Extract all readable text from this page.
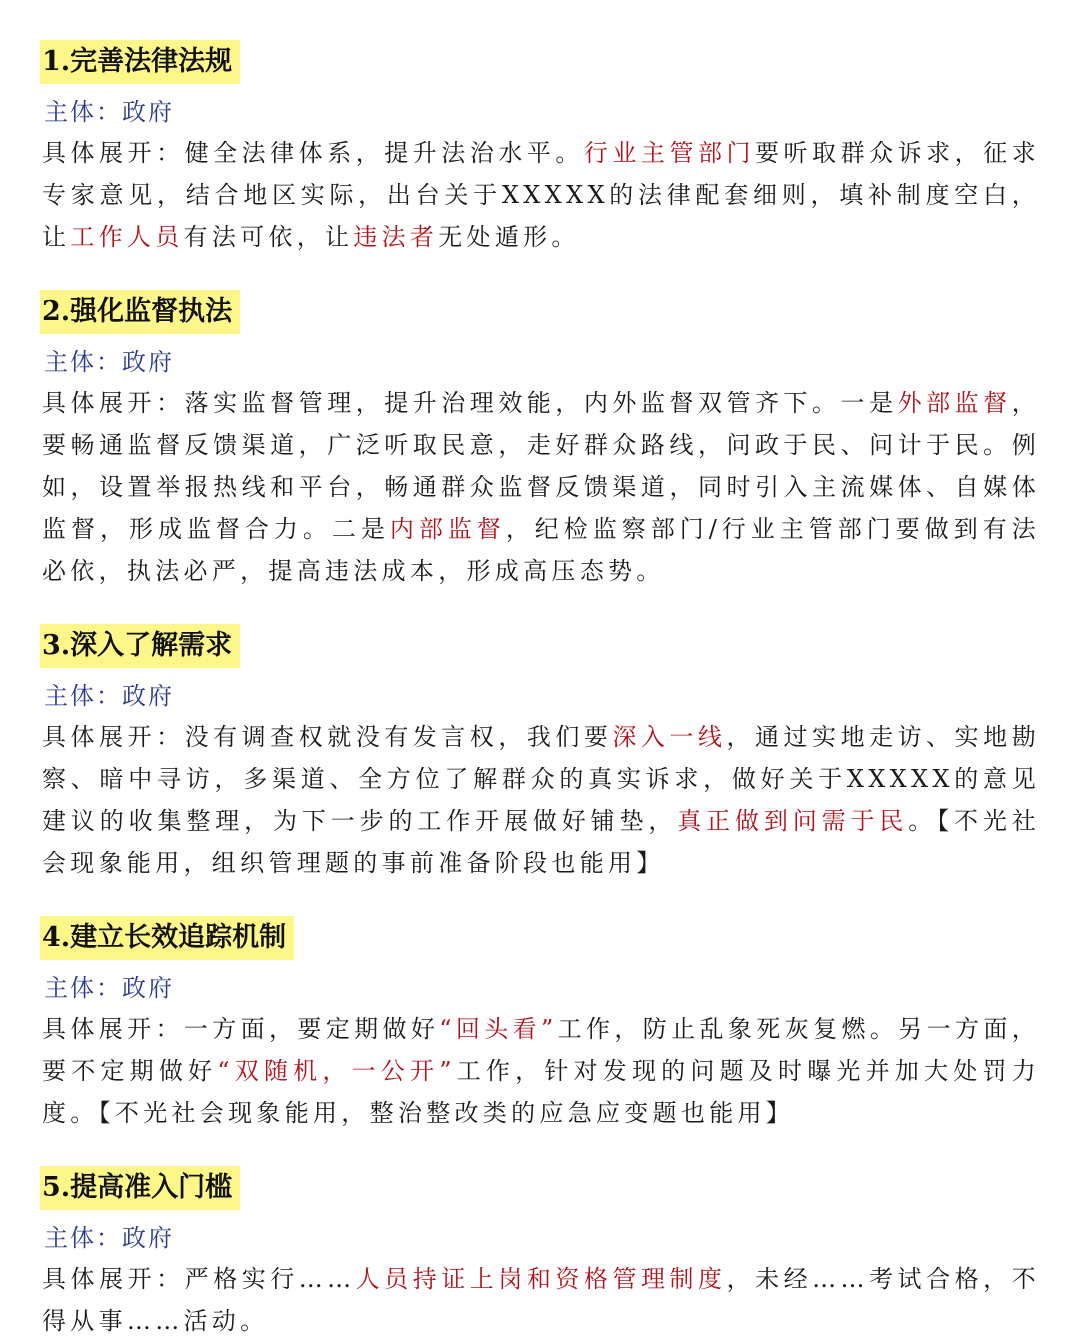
1.完善法律法规
主体：政府

具体展开：健全法律体系，提升法治水平。行业主管部门要听取群众诉求，征求专家意见，结合地区实际，出台关于XXXXX的法律配套细则，填补制度空白，让工作人员有法可依，让违法者无处遁形。

2.强化监督执法
主体：政府

具体展开：落实监督管理，提升治理效能，内外监督双管齐下。一是外部监督，要畅通监督反馈渠道，广泛听取民意，走好群众路线，问政于民、问计于民。例如，设置举报热线和平台，畅通群众监督反馈渠道，同时引入主流媒体、自媒体监督，形成监督合力。二是内部监督，纪检监察部门/行业主管部门要做到有法必依，执法必严，提高违法成本，形成高压态势。

3.深入了解需求
主体：政府

具体展开：没有调查权就没有发言权，我们要深入一线，通过实地走访、实地勘察、暗中寻访，多渠道、全方位了解群众的真实诉求，做好关于XXXXX的意见建议的收集整理，为下一步的工作开展做好铺垫，真正做到问需于民。【不光社会现象能用，组织管理题的事前准备阶段也能用】

4.建立长效追踪机制
主体：政府

具体展开：一方面，要定期做好“回头看”工作，防止乱象死灰复燃。另一方面，要不定期做好“双随机，一公开”工作，针对发现的问题及时曝光并加大处罚力度。【不光社会现象能用，整治整改类的应急应变题也能用】

5.提高准入门槛
主体：政府

具体展开：严格实行……人员持证上岗和资格管理制度，未经……考试合格，不得从事……活动。
